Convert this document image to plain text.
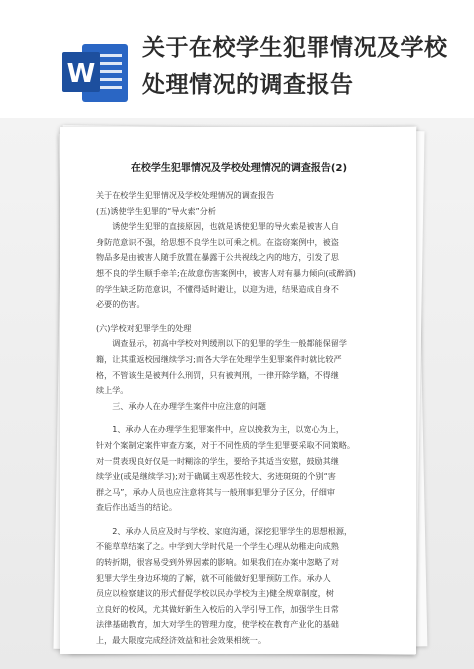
W
关于在校学生犯罪情况及学校
处理情况的调查报告
在校学生犯罪情况及学校处理情况的调查报告(2)
关于在校学生犯罪情况及学校处理情况的调查报告
(五)诱使学生犯罪的“导火索”分析
诱使学生犯罪的直接原因，也就是诱使犯罪的导火索是被害人自
身防范意识不强，给思想不良学生以可乘之机。在盗窃案例中，被盗
物品多是由被害人随手放置在暴露于公共视线之内的地方，引发了思
想不良的学生顺手牵羊;在故意伤害案例中，被害人对有暴力倾向(或醉酒)
的学生缺乏防范意识，不懂得适时避让，以迎为进，结果造成自身不
必要的伤害。
(六)学校对犯罪学生的处理
调查显示，初高中学校对判缓刑以下的犯罪的学生一般都能保留学
籍，让其重返校园继续学习;而各大学在处理学生犯罪案件时就比较严
格，不管该生是被判什么刑罚，只有被判刑，一律开除学籍，不得继
续上学。
三、承办人在办理学生案件中应注意的问题
1、承办人在办理学生犯罪案件中，应以挽救为主，以宽心为上，
针对个案制定案件审查方案，对于不同性质的学生犯罪要采取不同策略。
对一贯表现良好仅是一时糊涂的学生，要给予其适当安慰，鼓励其继
续学业(或是继续学习);对于确属主观恶性较大、劣迹斑斑的个别“害
群之马”，承办人员也应注意将其与一般刑事犯罪分子区分，仔细审
查后作出适当的结论。
2、承办人员应及时与学校、家庭沟通，深挖犯罪学生的思想根源，
不能草草结案了之。中学到大学时代是一个学生心理从幼稚走向成熟
的转折期，很容易受到外界因素的影响。如果我们在办案中忽略了对
犯罪大学生身边环境的了解，就不可能做好犯罪预防工作。承办人
员应以检察建议的形式督促学校以民办学校为主)健全规章制度，树
立良好的校风，尤其做好新生入校后的入学引导工作，加强学生日常
法律基础教育，加大对学生的管理力度，使学校在教育产业化的基础
上，最大限度完成经济效益和社会效果相统一。
